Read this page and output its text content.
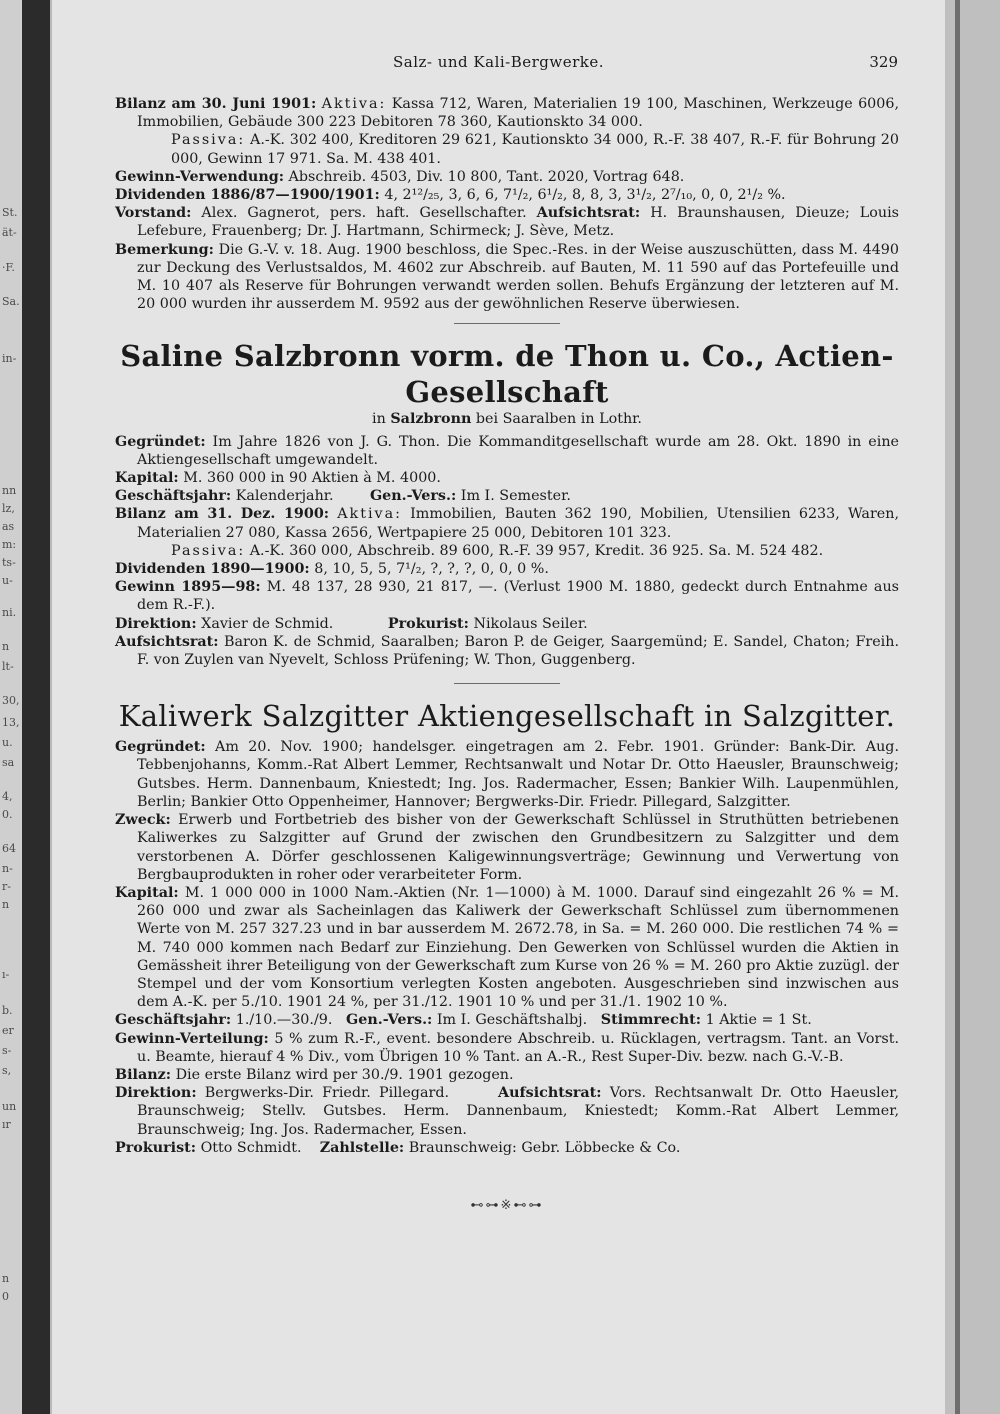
St.
ät-
·F.
Sa.
in-
nn
lz,
as
m:
ts-
u-
ni.
n
lt-
30,
13,
u.
sa
4,
0.
64
n-
r-
n
ı-
b.
er
s-
s,
un
ır
n
0
Salz- und Kali-Bergwerke.	329

Bilanz am 30. Juni 1901: Aktiva: Kassa 712, Waren, Materialien 19 100, Maschinen, Werkzeuge 6006, Immobilien, Gebäude 300 223 Debitoren 78 360, Kautionskto 34 000.

Passiva: A.-K. 302 400, Kreditoren 29 621, Kautionskto 34 000, R.-F. 38 407, R.-F. für Bohrung 20 000, Gewinn 17 971. Sa. M. 438 401.

Gewinn-Verwendung: Abschreib. 4503, Div. 10 800, Tant. 2020, Vortrag 648.

Dividenden 1886/87—1900/1901: 4, 2¹²/₂₅, 3, 6, 6, 7¹/₂, 6¹/₂, 8, 8, 3, 3¹/₂, 2⁷/₁₀, 0, 0, 2¹/₂ %.

Vorstand: Alex. Gagnerot, pers. haft. Gesellschafter. Aufsichtsrat: H. Braunshausen, Dieuze; Louis Lefebure, Frauenberg; Dr. J. Hartmann, Schirmeck; J. Sève, Metz.

Bemerkung: Die G.-V. v. 18. Aug. 1900 beschloss, die Spec.-Res. in der Weise auszuschütten, dass M. 4490 zur Deckung des Verlustsaldos, M. 4602 zur Abschreib. auf Bauten, M. 11 590 auf das Portefeuille und M. 10 407 als Reserve für Bohrungen verwandt werden sollen. Behufs Ergänzung der letzteren auf M. 20 000 wurden ihr ausserdem M. 9592 aus der gewöhnlichen Reserve überwiesen.

Saline Salzbronn vorm. de Thon u. Co., Actien-Gesellschaft

in Salzbronn bei Saaralben in Lothr.

Gegründet: Im Jahre 1826 von J. G. Thon. Die Kommanditgesellschaft wurde am 28. Okt. 1890 in eine Aktiengesellschaft umgewandelt.

Kapital: M. 360 000 in 90 Aktien à M. 4000.

Geschäftsjahr: Kalenderjahr.	Gen.-Vers.: Im I. Semester.

Bilanz am 31. Dez. 1900: Aktiva: Immobilien, Bauten 362 190, Mobilien, Utensilien 6233, Waren, Materialien 27 080, Kassa 2656, Wertpapiere 25 000, Debitoren 101 323.

Passiva: A.-K. 360 000, Abschreib. 89 600, R.-F. 39 957, Kredit. 36 925. Sa. M. 524 482.

Dividenden 1890—1900: 8, 10, 5, 5, 7¹/₂, ?, ?, ?, 0, 0, 0 %.

Gewinn 1895—98: M. 48 137, 28 930, 21 817, —. (Verlust 1900 M. 1880, gedeckt durch Entnahme aus dem R.-F.).

Direktion: Xavier de Schmid.	Prokurist: Nikolaus Seiler.

Aufsichtsrat: Baron K. de Schmid, Saaralben; Baron P. de Geiger, Saargemünd; E. Sandel, Chaton; Freih. F. von Zuylen van Nyevelt, Schloss Prüfening; W. Thon, Guggenberg.

Kaliwerk Salzgitter Aktiengesellschaft in Salzgitter.

Gegründet: Am 20. Nov. 1900; handelsger. eingetragen am 2. Febr. 1901. Gründer: Bank-Dir. Aug. Tebbenjohanns, Komm.-Rat Albert Lemmer, Rechtsanwalt und Notar Dr. Otto Haeusler, Braunschweig; Gutsbes. Herm. Dannenbaum, Kniestedt; Ing. Jos. Radermacher, Essen; Bankier Wilh. Laupenmühlen, Berlin; Bankier Otto Oppenheimer, Hannover; Bergwerks-Dir. Friedr. Pillegard, Salzgitter.

Zweck: Erwerb und Fortbetrieb des bisher von der Gewerkschaft Schlüssel in Struthütten betriebenen Kaliwerkes zu Salzgitter auf Grund der zwischen den Grundbesitzern zu Salzgitter und dem verstorbenen A. Dörfer geschlossenen Kaligewinnungsverträge; Gewinnung und Verwertung von Bergbauprodukten in roher oder verarbeiteter Form.

Kapital: M. 1 000 000 in 1000 Nam.-Aktien (Nr. 1—1000) à M. 1000. Darauf sind eingezahlt 26 % = M. 260 000 und zwar als Sacheinlagen das Kaliwerk der Gewerkschaft Schlüssel zum übernommenen Werte von M. 257 327.23 und in bar ausserdem M. 2672.78, in Sa. = M. 260 000. Die restlichen 74 % = M. 740 000 kommen nach Bedarf zur Einziehung. Den Gewerken von Schlüssel wurden die Aktien in Gemässheit ihrer Beteiligung von der Gewerkschaft zum Kurse von 26 % = M. 260 pro Aktie zuzügl. der Stempel und der vom Konsortium verlegten Kosten angeboten. Ausgeschrieben sind inzwischen aus dem A.-K. per 5./10. 1901 24 %, per 31./12. 1901 10 % und per 31./1. 1902 10 %.

Geschäftsjahr: 1./10.—30./9. Gen.-Vers.: Im I. Geschäftshalbj. Stimmrecht: 1 Aktie = 1 St.

Gewinn-Verteilung: 5 % zum R.-F., event. besondere Abschreib. u. Rücklagen, vertragsm. Tant. an Vorst. u. Beamte, hierauf 4 % Div., vom Übrigen 10 % Tant. an A.-R., Rest Super-Div. bezw. nach G.-V.-B.

Bilanz: Die erste Bilanz wird per 30./9. 1901 gezogen.

Direktion: Bergwerks-Dir. Friedr. Pillegard.	Aufsichtsrat: Vors. Rechtsanwalt Dr. Otto Haeusler, Braunschweig; Stellv. Gutsbes. Herm. Dannenbaum, Kniestedt; Komm.-Rat Albert Lemmer, Braunschweig; Ing. Jos. Radermacher, Essen.

Prokurist: Otto Schmidt. Zahlstelle: Braunschweig: Gebr. Löbbecke & Co.

⊷⊶※⊷⊶
